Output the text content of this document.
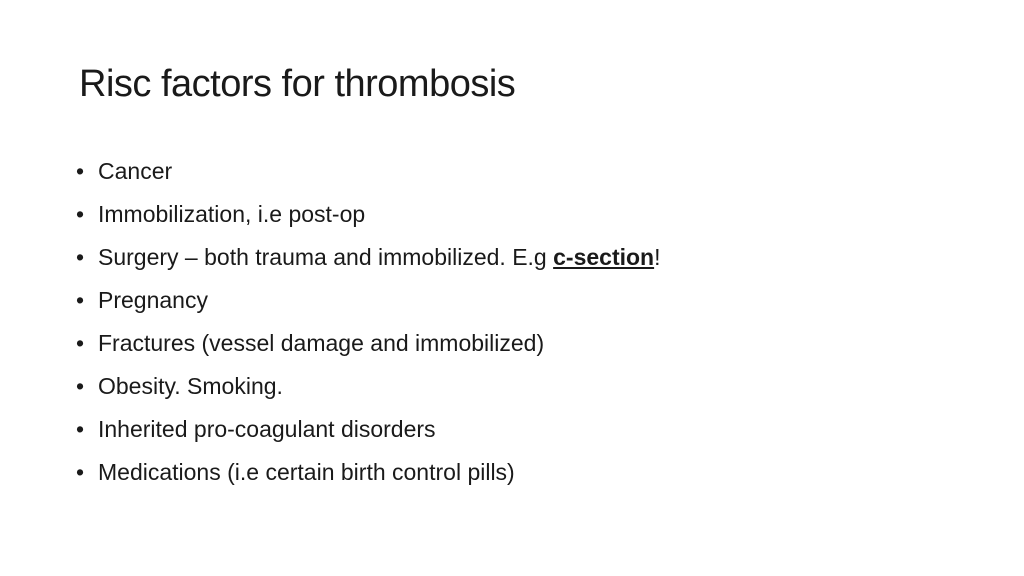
Risc factors for thrombosis
• Cancer
• Immobilization, i.e post-op
• Surgery – both trauma and immobilized. E.g c-section!
• Pregnancy
• Fractures (vessel damage and immobilized)
• Obesity. Smoking.
• Inherited pro-coagulant disorders
• Medications (i.e certain birth control pills)
